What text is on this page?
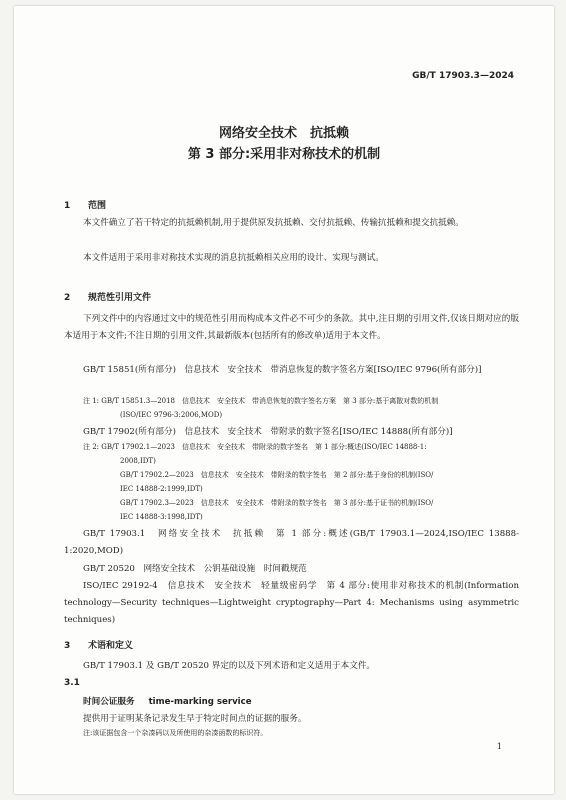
GB/T 17903.3—2024
网络安全技术　抗抵赖
第 3 部分:采用非对称技术的机制
1 范围
本文件确立了若干特定的抗抵赖机制,用于提供原发抗抵赖、交付抗抵赖、传输抗抵赖和提交抗抵赖。
本文件适用于采用非对称技术实现的消息抗抵赖相关应用的设计、实现与测试。
2 规范性引用文件
下列文件中的内容通过文中的规范性引用而构成本文件必不可少的条款。其中,注日期的引用文件,仅该日期对应的版本适用于本文件;不注日期的引用文件,其最新版本(包括所有的修改单)适用于本文件。
GB/T 15851(所有部分)　信息技术　安全技术　带消息恢复的数字签名方案[ISO/IEC 9796(所有部分)]
注 1: GB/T 15851.3—2018　信息技术　安全技术　带消息恢复的数字签名方案　第 3 部分:基于离散对数的机制
(ISO/IEC 9796-3:2006,MOD)
GB/T 17902(所有部分)　信息技术　安全技术　带附录的数字签名[ISO/IEC 14888(所有部分)]
注 2: GB/T 17902.1—2023　信息技术　安全技术　带附录的数字签名　第 1 部分:概述(ISO/IEC 14888-1:
2008,IDT)
GB/T 17902.2—2023　信息技术　安全技术　带附录的数字签名　第 2 部分:基于身份的机制(ISO/
IEC 14888-2:1999,IDT)
GB/T 17902.3—2023　信息技术　安全技术　带附录的数字签名　第 3 部分:基于证书的机制(ISO/
IEC 14888-3:1998,IDT)
GB/T 17903.1　网络安全技术　抗抵赖　第 1 部分:概述(GB/T 17903.1—2024,ISO/IEC 13888-1:2020,MOD)
GB/T 20520　网络安全技术　公钥基础设施　时间戳规范
ISO/IEC 29192-4　信息技术　安全技术　轻量级密码学　第 4 部分:使用非对称技术的机制(Information technology—Security techniques—Lightweight cryptography—Part 4: Mechanisms using asymmetric techniques)
3 术语和定义
GB/T 17903.1 及 GB/T 20520 界定的以及下列术语和定义适用于本文件。
3.1
时间公证服务 time-marking service
提供用于证明某条记录发生早于特定时间点的证据的服务。
注:该证据包含一个杂凑码以及所使用的杂凑函数的标识符。
1
